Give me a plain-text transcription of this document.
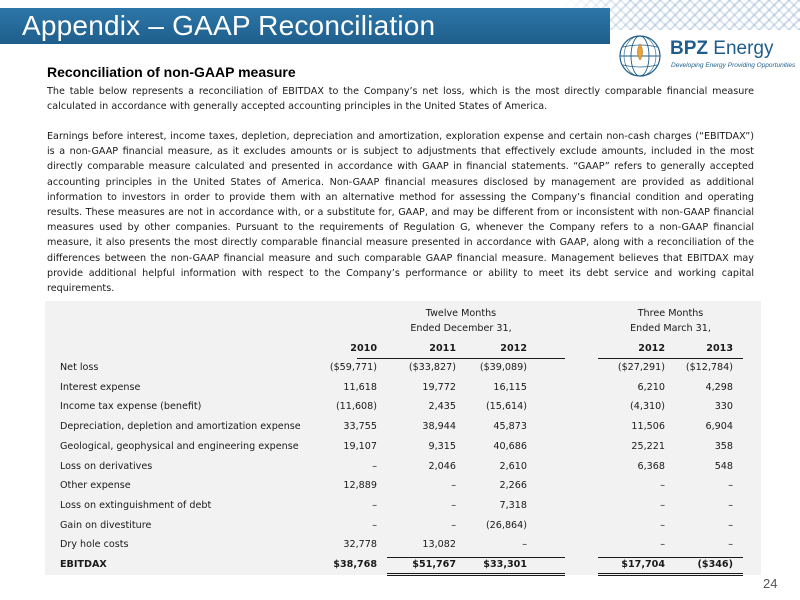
Appendix – GAAP Reconciliation
BPZ Energy
Developing Energy Providing Opportunities
Reconciliation of non-GAAP measure
The table below represents a reconciliation of EBITDAX to the Company’s net loss, which is the most directly comparable financial measure calculated in accordance with generally accepted accounting principles in the United States of America.
Earnings before interest, income taxes, depletion, depreciation and amortization, exploration expense and certain non-cash charges (“EBITDAX”) is a non-GAAP financial measure, as it excludes amounts or is subject to adjustments that effectively exclude amounts, included in the most directly comparable measure calculated and presented in accordance with GAAP in financial statements. “GAAP” refers to generally accepted accounting principles in the United States of America. Non-GAAP financial measures disclosed by management are provided as additional information to investors in order to provide them with an alternative method for assessing the Company’s financial condition and operating results. These measures are not in accordance with, or a substitute for, GAAP, and may be different from or inconsistent with non-GAAP financial measures used by other companies. Pursuant to the requirements of Regulation G, whenever the Company refers to a non-GAAP financial measure, it also presents the most directly comparable financial measure presented in accordance with GAAP, along with a reconciliation of the differences between the non-GAAP financial measure and such comparable GAAP financial measure. Management believes that EBITDAX may provide additional helpful information with respect to the Company’s performance or ability to meet its debt service and working capital requirements.
Twelve Months
Ended December 31,
Three Months
Ended March 31,
2010	2011	2012	2012	2013
Net loss	($59,771)	($33,827)	($39,089)	($27,291)	($12,784)
Interest expense	11,618	19,772	16,115	6,210	4,298
Income tax expense (benefit)	(11,608)	2,435	(15,614)	(4,310)	330
Depreciation, depletion and amortization expense	33,755	38,944	45,873	11,506	6,904
Geological, geophysical and engineering expense	19,107	9,315	40,686	25,221	358
Loss on derivatives	–	2,046	2,610	6,368	548
Other expense	12,889	–	2,266	–	–
Loss on extinguishment of debt	–	–	7,318	–	–
Gain on divestiture	–	–	(26,864)	–	–
Dry hole costs	32,778	13,082	–	–	–
EBITDAX	$38,768	$51,767	$33,301	$17,704	($346)
24
